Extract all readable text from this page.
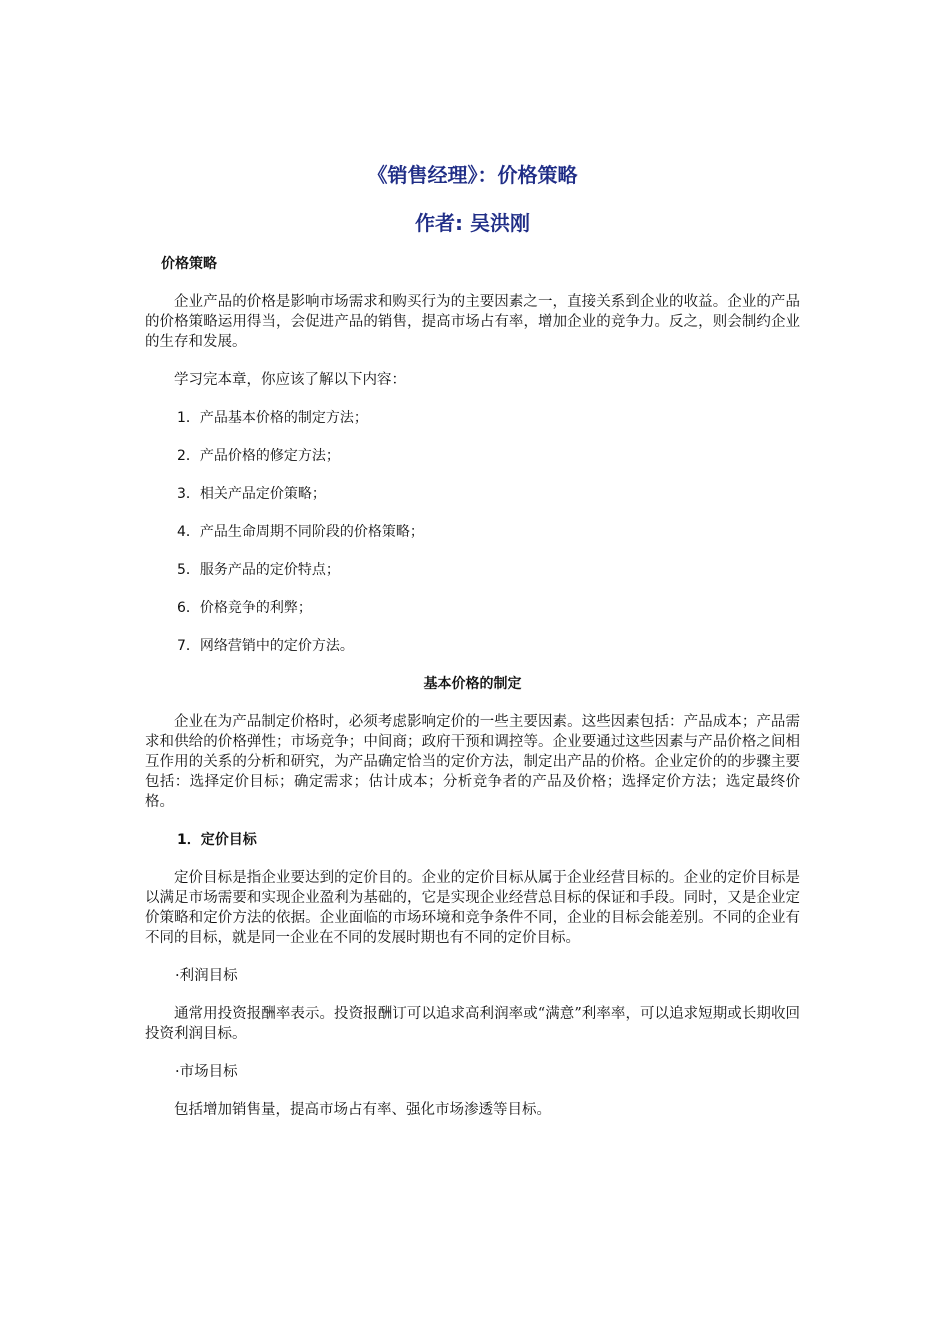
《销售经理》：价格策略
作者: 吴洪刚
价格策略

企业产品的价格是影响市场需求和购买行为的主要因素之一，直接关系到企业的收益。企业的产品的价格策略运用得当，会促进产品的销售，提高市场占有率，增加企业的竞争力。反之，则会制约企业的生存和发展。

学习完本章，你应该了解以下内容：

1．产品基本价格的制定方法；

2．产品价格的修定方法；

3．相关产品定价策略；

4．产品生命周期不同阶段的价格策略；

5．服务产品的定价特点；

6．价格竞争的利弊；

7．网络营销中的定价方法。

基本价格的制定

企业在为产品制定价格时，必须考虑影响定价的一些主要因素。这些因素包括：产品成本；产品需求和供给的价格弹性；市场竞争；中间商；政府干预和调控等。企业要通过这些因素与产品价格之间相互作用的关系的分析和研究，为产品确定恰当的定价方法，制定出产品的价格。企业定价的的步骤主要包括：选择定价目标；确定需求；估计成本；分析竞争者的产品及价格；选择定价方法；选定最终价格。

1．定价目标

定价目标是指企业要达到的定价目的。企业的定价目标从属于企业经营目标的。企业的定价目标是以满足市场需要和实现企业盈利为基础的，它是实现企业经营总目标的保证和手段。同时，又是企业定价策略和定价方法的依据。企业面临的市场环境和竞争条件不同，企业的目标会能差别。不同的企业有不同的目标，就是同一企业在不同的发展时期也有不同的定价目标。

·利润目标

通常用投资报酬率表示。投资报酬订可以追求高利润率或“满意”利率率，可以追求短期或长期收回投资利润目标。

·市场目标

包括增加销售量，提高市场占有率、强化市场渗透等目标。
